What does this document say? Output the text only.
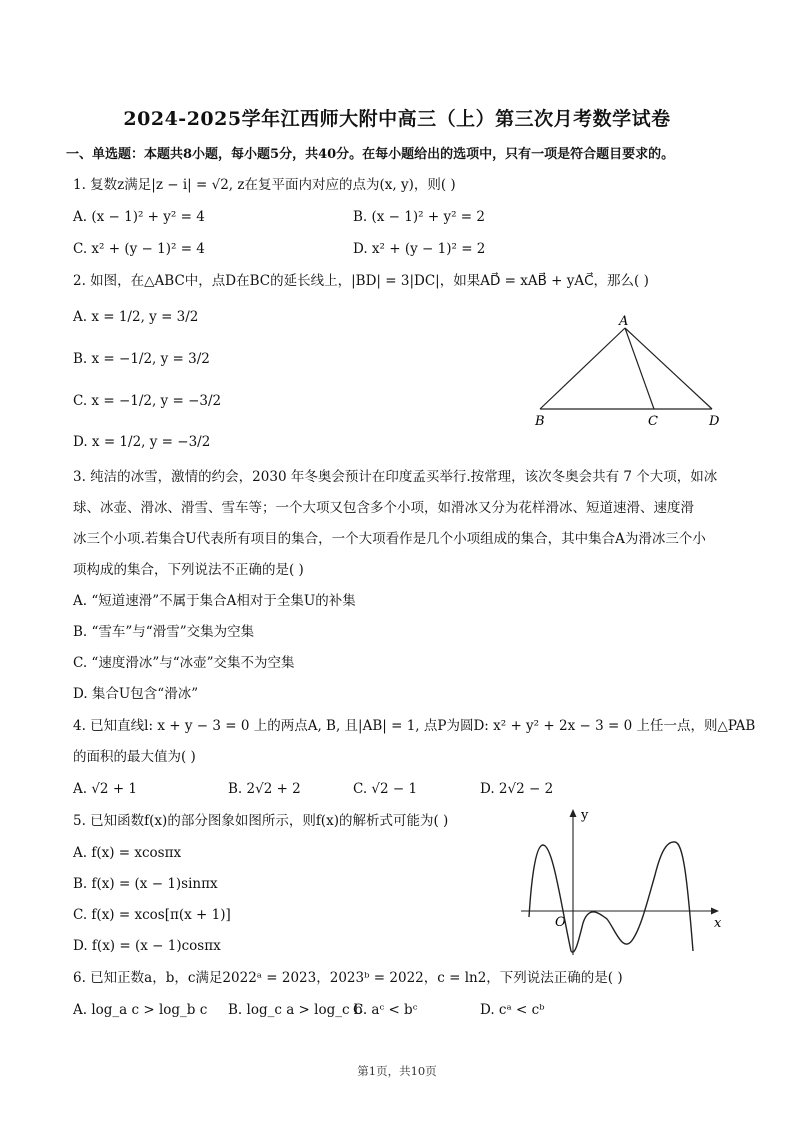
2024-2025学年江西师大附中高三（上）第三次月考数学试卷
一、单选题：本题共8小题，每小题5分，共40分。在每小题给出的选项中，只有一项是符合题目要求的。
1. 复数z满足|z − i| = √2, z在复平面内对应的点为(x, y)，则( )
A. (x − 1)² + y² = 4	B. (x − 1)² + y² = 2
C. x² + (y − 1)² = 4	D. x² + (y − 1)² = 2
2. 如图，在△ABC中，点D在BC的延长线上，|BD| = 3|DC|，如果AD⃗ = xAB⃗ + yAC⃗，那么( )
A. x = 1/2, y = 3/2
B. x = −1/2, y = 3/2
C. x = −1/2, y = −3/2
D. x = 1/2, y = −3/2
A
B	C	D
3. 纯洁的冰雪，激情的约会，2030 年冬奥会预计在印度孟买举行.按常理，该次冬奥会共有 7 个大项，如冰
球、冰壶、滑冰、滑雪、雪车等；一个大项又包含多个小项，如滑冰又分为花样滑冰、短道速滑、速度滑
冰三个小项.若集合U代表所有项目的集合，一个大项看作是几个小项组成的集合，其中集合A为滑冰三个小
项构成的集合，下列说法不正确的是( )
A. “短道速滑”不属于集合A相对于全集U的补集
B. “雪车”与“滑雪”交集为空集
C. “速度滑冰”与“冰壶”交集不为空集
D. 集合U包含“滑冰”
4. 已知直线l: x + y − 3 = 0 上的两点A, B, 且|AB| = 1, 点P为圆D: x² + y² + 2x − 3 = 0 上任一点，则△PAB
的面积的最大值为( )
A. √2 + 1	B. 2√2 + 2	C. √2 − 1	D. 2√2 − 2
5. 已知函数f(x)的部分图象如图所示，则f(x)的解析式可能为( )
A. f(x) = xcosπx
B. f(x) = (x − 1)sinπx
C. f(x) = xcos[π(x + 1)]
D. f(x) = (x − 1)cosπx
y
x
O
6. 已知正数a，b，c满足2022ᵃ = 2023，2023ᵇ = 2022，c = ln2，下列说法正确的是( )
A. log_a c > log_b c B. log_c a > log_c b
C. aᶜ < bᶜ	D. cᵃ < cᵇ
第1页，共10页
